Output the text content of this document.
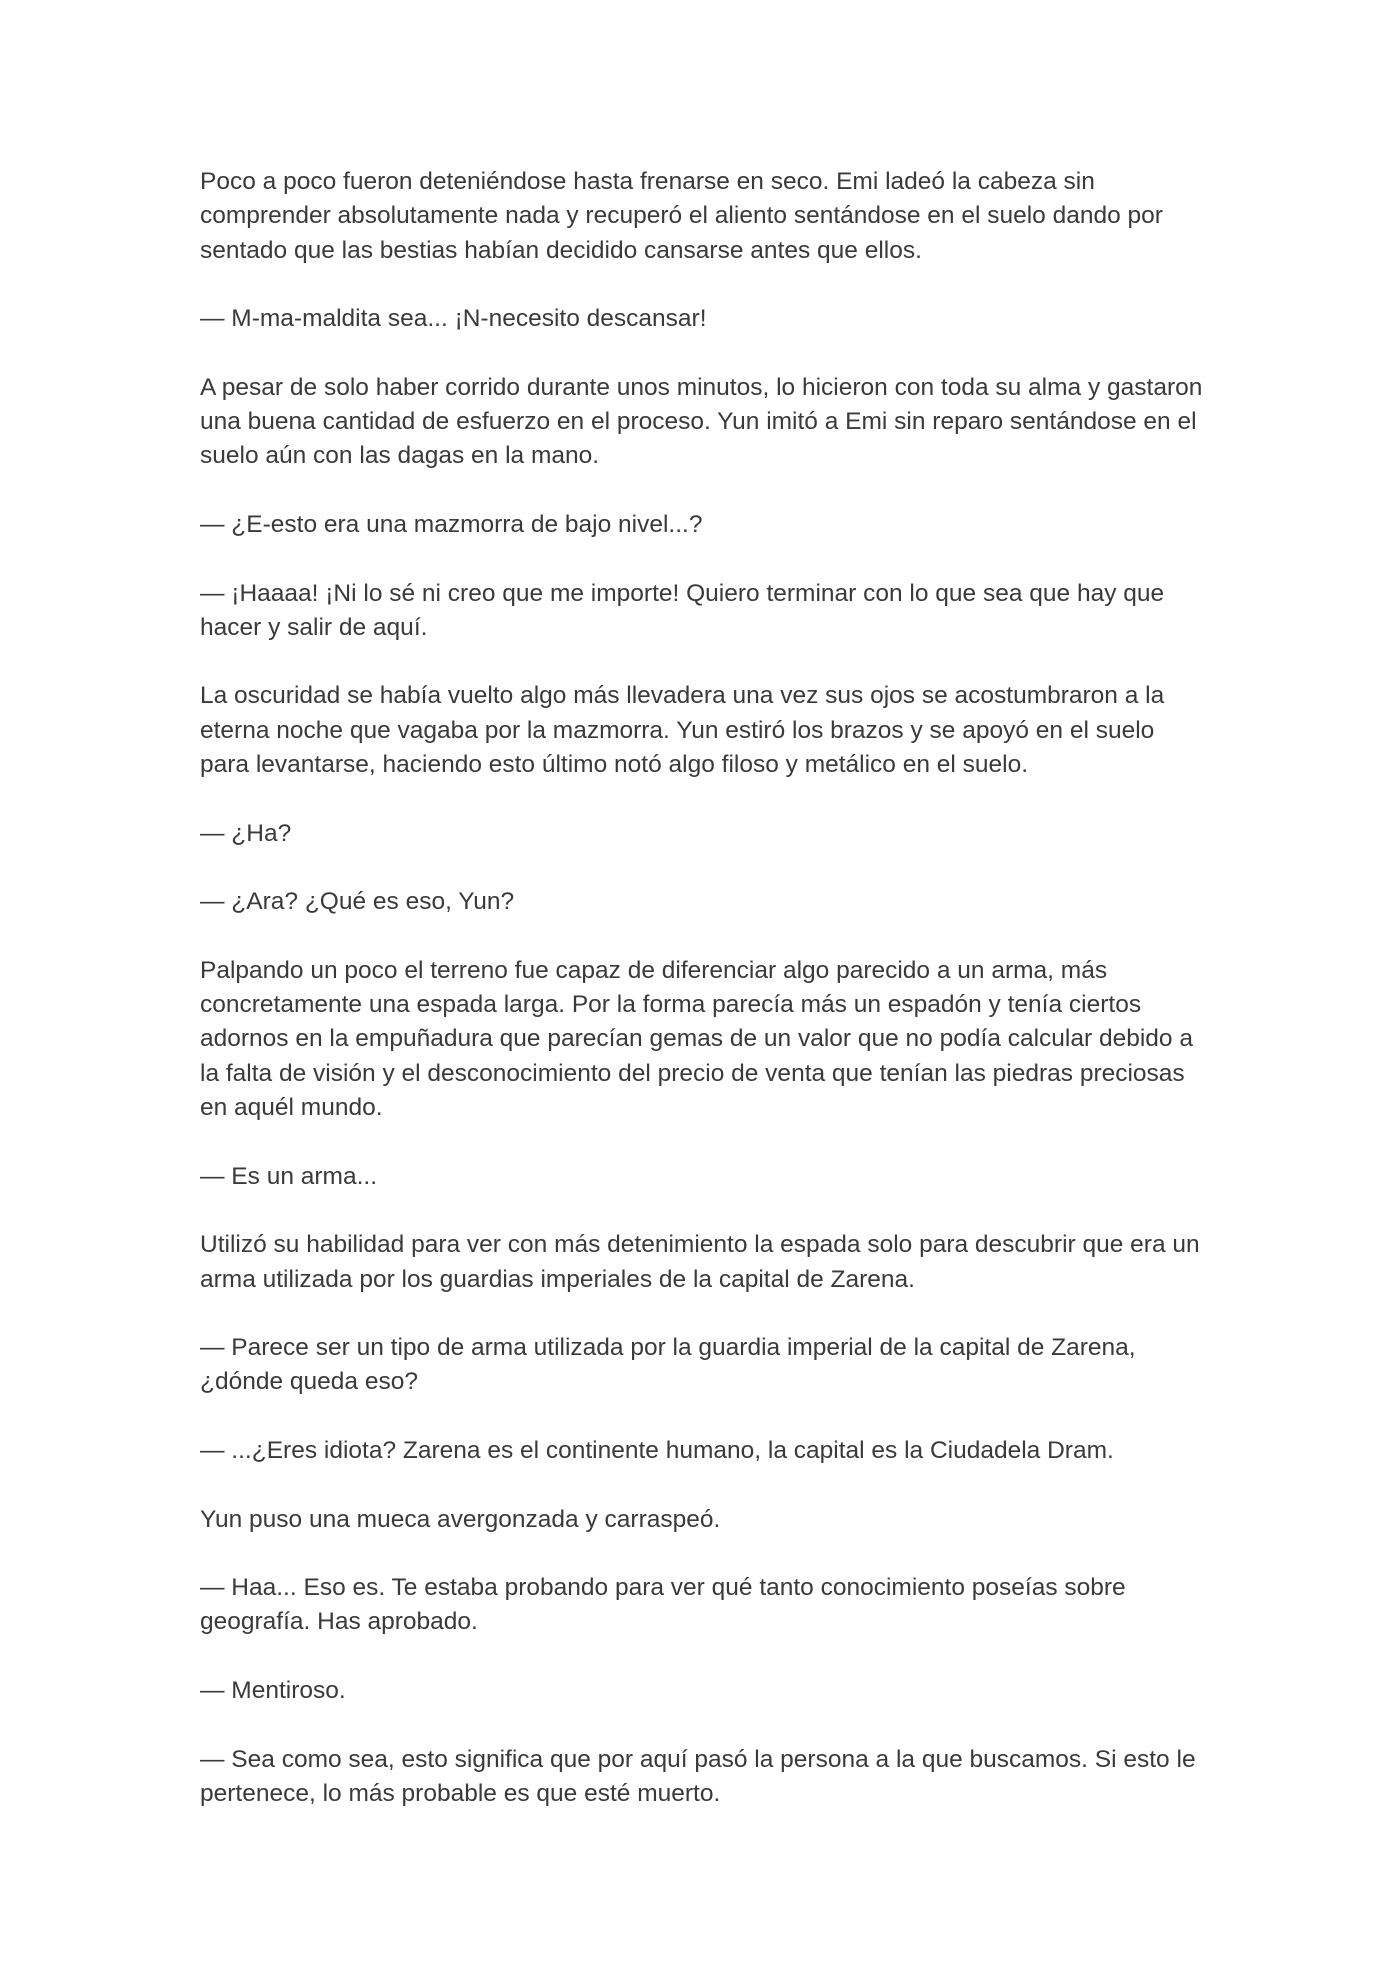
Poco a poco fueron deteniéndose hasta frenarse en seco. Emi ladeó la cabeza sin comprender absolutamente nada y recuperó el aliento sentándose en el suelo dando por sentado que las bestias habían decidido cansarse antes que ellos.

— M-ma-maldita sea... ¡N-necesito descansar!

A pesar de solo haber corrido durante unos minutos, lo hicieron con toda su alma y gastaron una buena cantidad de esfuerzo en el proceso. Yun imitó a Emi sin reparo sentándose en el suelo aún con las dagas en la mano.

— ¿E-esto era una mazmorra de bajo nivel...?

— ¡Haaaa! ¡Ni lo sé ni creo que me importe! Quiero terminar con lo que sea que hay que hacer y salir de aquí.

La oscuridad se había vuelto algo más llevadera una vez sus ojos se acostumbraron a la eterna noche que vagaba por la mazmorra. Yun estiró los brazos y se apoyó en el suelo para levantarse, haciendo esto último notó algo filoso y metálico en el suelo.

— ¿Ha?

— ¿Ara? ¿Qué es eso, Yun?

Palpando un poco el terreno fue capaz de diferenciar algo parecido a un arma, más concretamente una espada larga. Por la forma parecía más un espadón y tenía ciertos adornos en la empuñadura que parecían gemas de un valor que no podía calcular debido a la falta de visión y el desconocimiento del precio de venta que tenían las piedras preciosas en aquél mundo.

— Es un arma...

Utilizó su habilidad para ver con más detenimiento la espada solo para descubrir que era un arma utilizada por los guardias imperiales de la capital de Zarena.

— Parece ser un tipo de arma utilizada por la guardia imperial de la capital de Zarena, ¿dónde queda eso?

— ...¿Eres idiota? Zarena es el continente humano, la capital es la Ciudadela Dram.

Yun puso una mueca avergonzada y carraspeó.

— Haa... Eso es. Te estaba probando para ver qué tanto conocimiento poseías sobre geografía. Has aprobado.

— Mentiroso.

— Sea como sea, esto significa que por aquí pasó la persona a la que buscamos. Si esto le pertenece, lo más probable es que esté muerto.
